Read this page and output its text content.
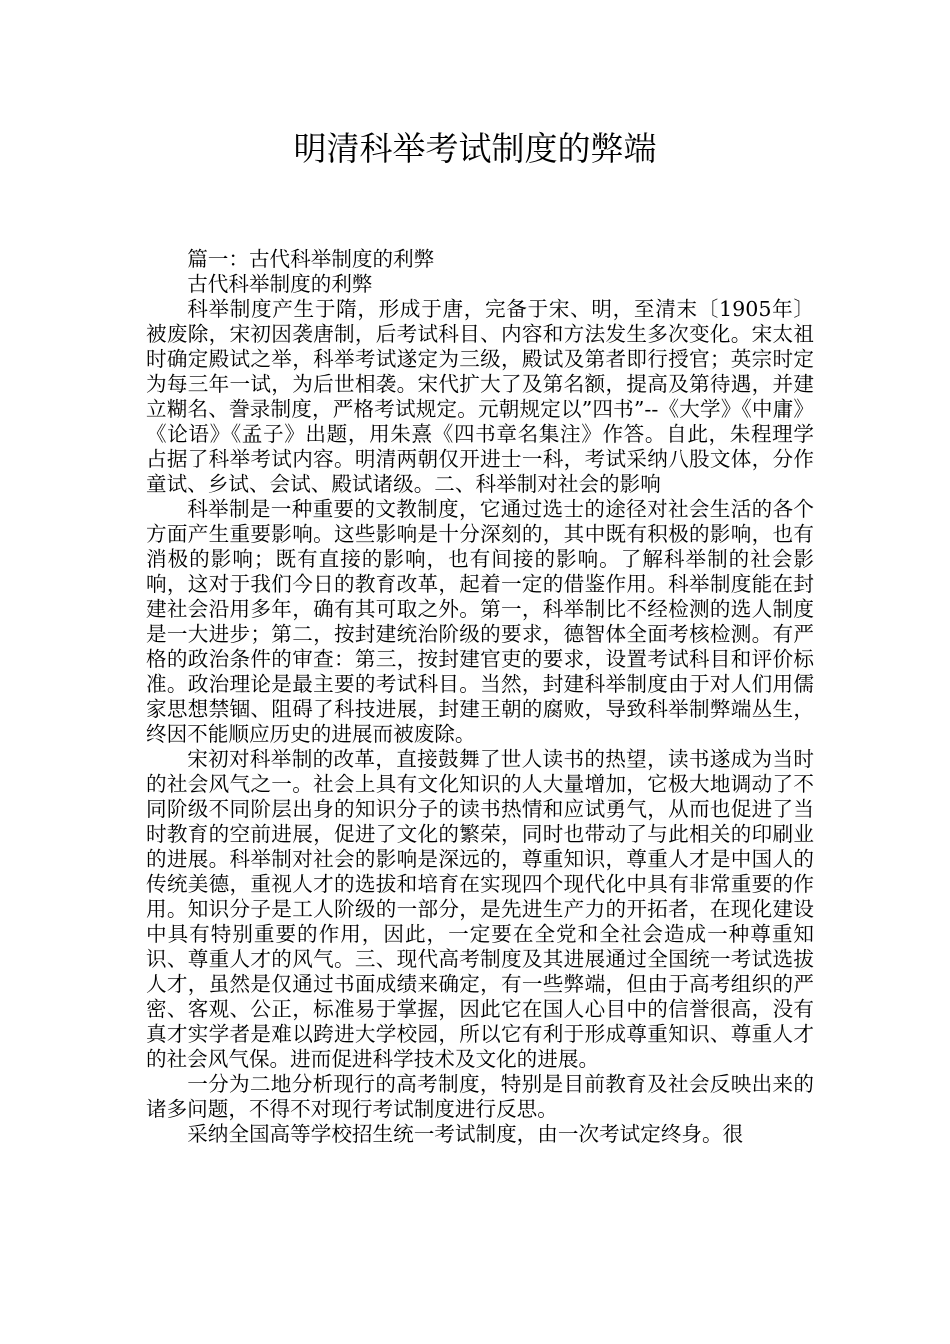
明清科举考试制度的弊端

篇一：古代科举制度的利弊

古代科举制度的利弊

科举制度产生于隋，形成于唐，完备于宋、明，至清末〔1905年〕被废除，宋初因袭唐制，后考试科目、内容和方法发生多次变化。宋太祖时确定殿试之举，科举考试遂定为三级，殿试及第者即行授官；英宗时定为每三年一试，为后世相袭。宋代扩大了及第名额，提高及第待遇，并建立糊名、誊录制度，严格考试规定。元朝规定以”四书”--《大学》《中庸》《论语》《孟子》出题，用朱熹《四书章名集注》作答。自此，朱程理学占据了科举考试内容。明清两朝仅开进士一科，考试采纳八股文体，分作童试、乡试、会试、殿试诸级。二、科举制对社会的影响

科举制是一种重要的文教制度，它通过选士的途径对社会生活的各个方面产生重要影响。这些影响是十分深刻的，其中既有积极的影响，也有消极的影响；既有直接的影响，也有间接的影响。了解科举制的社会影响，这对于我们今日的教育改革，起着一定的借鉴作用。科举制度能在封建社会沿用多年，确有其可取之外。第一，科举制比不经检测的选人制度是一大进步；第二，按封建统治阶级的要求，德智体全面考核检测。有严格的政治条件的审查：第三，按封建官吏的要求，设置考试科目和评价标准。政治理论是最主要的考试科目。当然，封建科举制度由于对人们用儒家思想禁锢、阻碍了科技进展，封建王朝的腐败，导致科举制弊端丛生，终因不能顺应历史的进展而被废除。

宋初对科举制的改革，直接鼓舞了世人读书的热望，读书遂成为当时的社会风气之一。社会上具有文化知识的人大量增加，它极大地调动了不同阶级不同阶层出身的知识分子的读书热情和应试勇气，从而也促进了当时教育的空前进展，促进了文化的繁荣，同时也带动了与此相关的印刷业的进展。科举制对社会的影响是深远的，尊重知识，尊重人才是中国人的传统美德，重视人才的选拔和培育在实现四个现代化中具有非常重要的作用。知识分子是工人阶级的一部分，是先进生产力的开拓者，在现化建设中具有特别重要的作用，因此，一定要在全党和全社会造成一种尊重知识、尊重人才的风气。三、现代高考制度及其进展通过全国统一考试选拔人才，虽然是仅通过书面成绩来确定，有一些弊端，但由于高考组织的严密、客观、公正，标准易于掌握，因此它在国人心目中的信誉很高，没有真才实学者是难以跨进大学校园，所以它有利于形成尊重知识、尊重人才的社会风气保。进而促进科学技术及文化的进展。

一分为二地分析现行的高考制度，特别是目前教育及社会反映出来的诸多问题，不得不对现行考试制度进行反思。

采纳全国高等学校招生统一考试制度，由一次考试定终身。很
